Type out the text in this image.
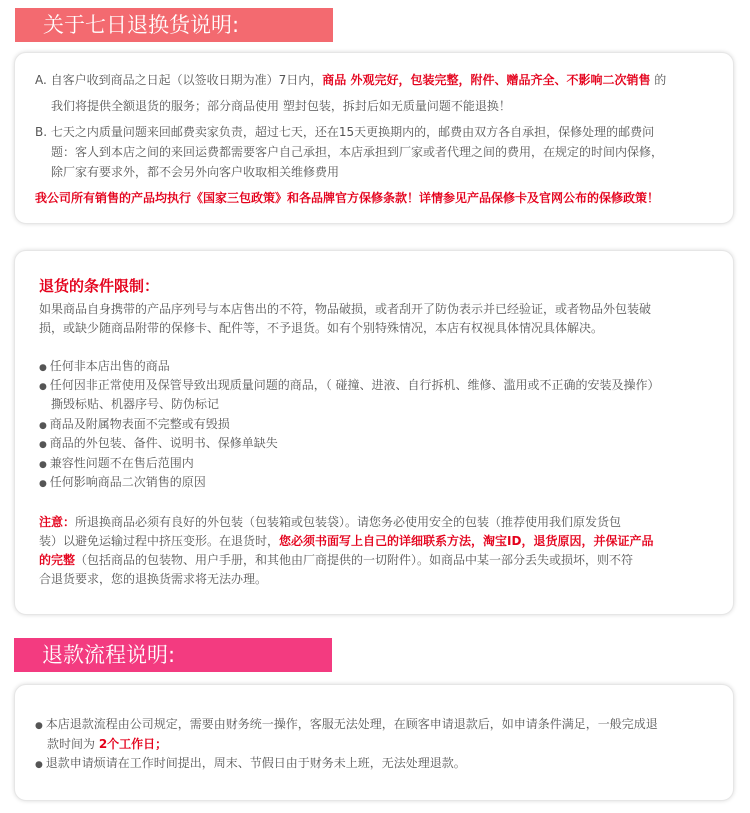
关于七日退换货说明:
A. 自客户收到商品之日起（以签收日期为准）7日内，商品 外观完好，包装完整，附件、赠品齐全、不影响二次销售 的
我们将提供全额退货的服务；部分商品使用 塑封包装，拆封后如无质量问题不能退换！
B. 七天之内质量问题来回邮费卖家负责，超过七天，还在15天更换期内的，邮费由双方各自承担，保修处理的邮费问
题：客人到本店之间的来回运费都需要客户自己承担，本店承担到厂家或者代理之间的费用，在规定的时间内保修，
除厂家有要求外，都不会另外向客户收取相关维修费用
我公司所有销售的产品均执行《国家三包政策》和各品牌官方保修条款！详情参见产品保修卡及官网公布的保修政策！
退货的条件限制：
如果商品自身携带的产品序列号与本店售出的不符，物品破损，或者刮开了防伪表示并已经验证，或者物品外包装破
损，或缺少随商品附带的保修卡、配件等，不予退货。如有个别特殊情况，本店有权视具体情况具体解决。
● 任何非本店出售的商品
● 任何因非正常使用及保管导致出现质量问题的商品，（ 碰撞、进液、自行拆机、维修、滥用或不正确的安装及操作）
撕毁标贴、机器序号、防伪标记
● 商品及附属物表面不完整或有毁损
● 商品的外包装、备件、说明书、保修单缺失
● 兼容性问题不在售后范围内
● 任何影响商品二次销售的原因
注意：所退换商品必须有良好的外包装（包装箱或包装袋）。请您务必使用安全的包装（推荐使用我们原发货包
装）以避免运输过程中挤压变形。在退货时，您必须书面写上自己的详细联系方法，淘宝ID，退货原因，并保证产品
的完整（包括商品的包装物、用户手册，和其他由厂商提供的一切附件）。如商品中某一部分丢失或损坏，则不符
合退货要求，您的退换货需求将无法办理。
退款流程说明:
● 本店退款流程由公司规定，需要由财务统一操作，客服无法处理，在顾客申请退款后，如申请条件满足，一般完成退
款时间为 2个工作日；
● 退款申请烦请在工作时间提出，周末、节假日由于财务未上班，无法处理退款。
